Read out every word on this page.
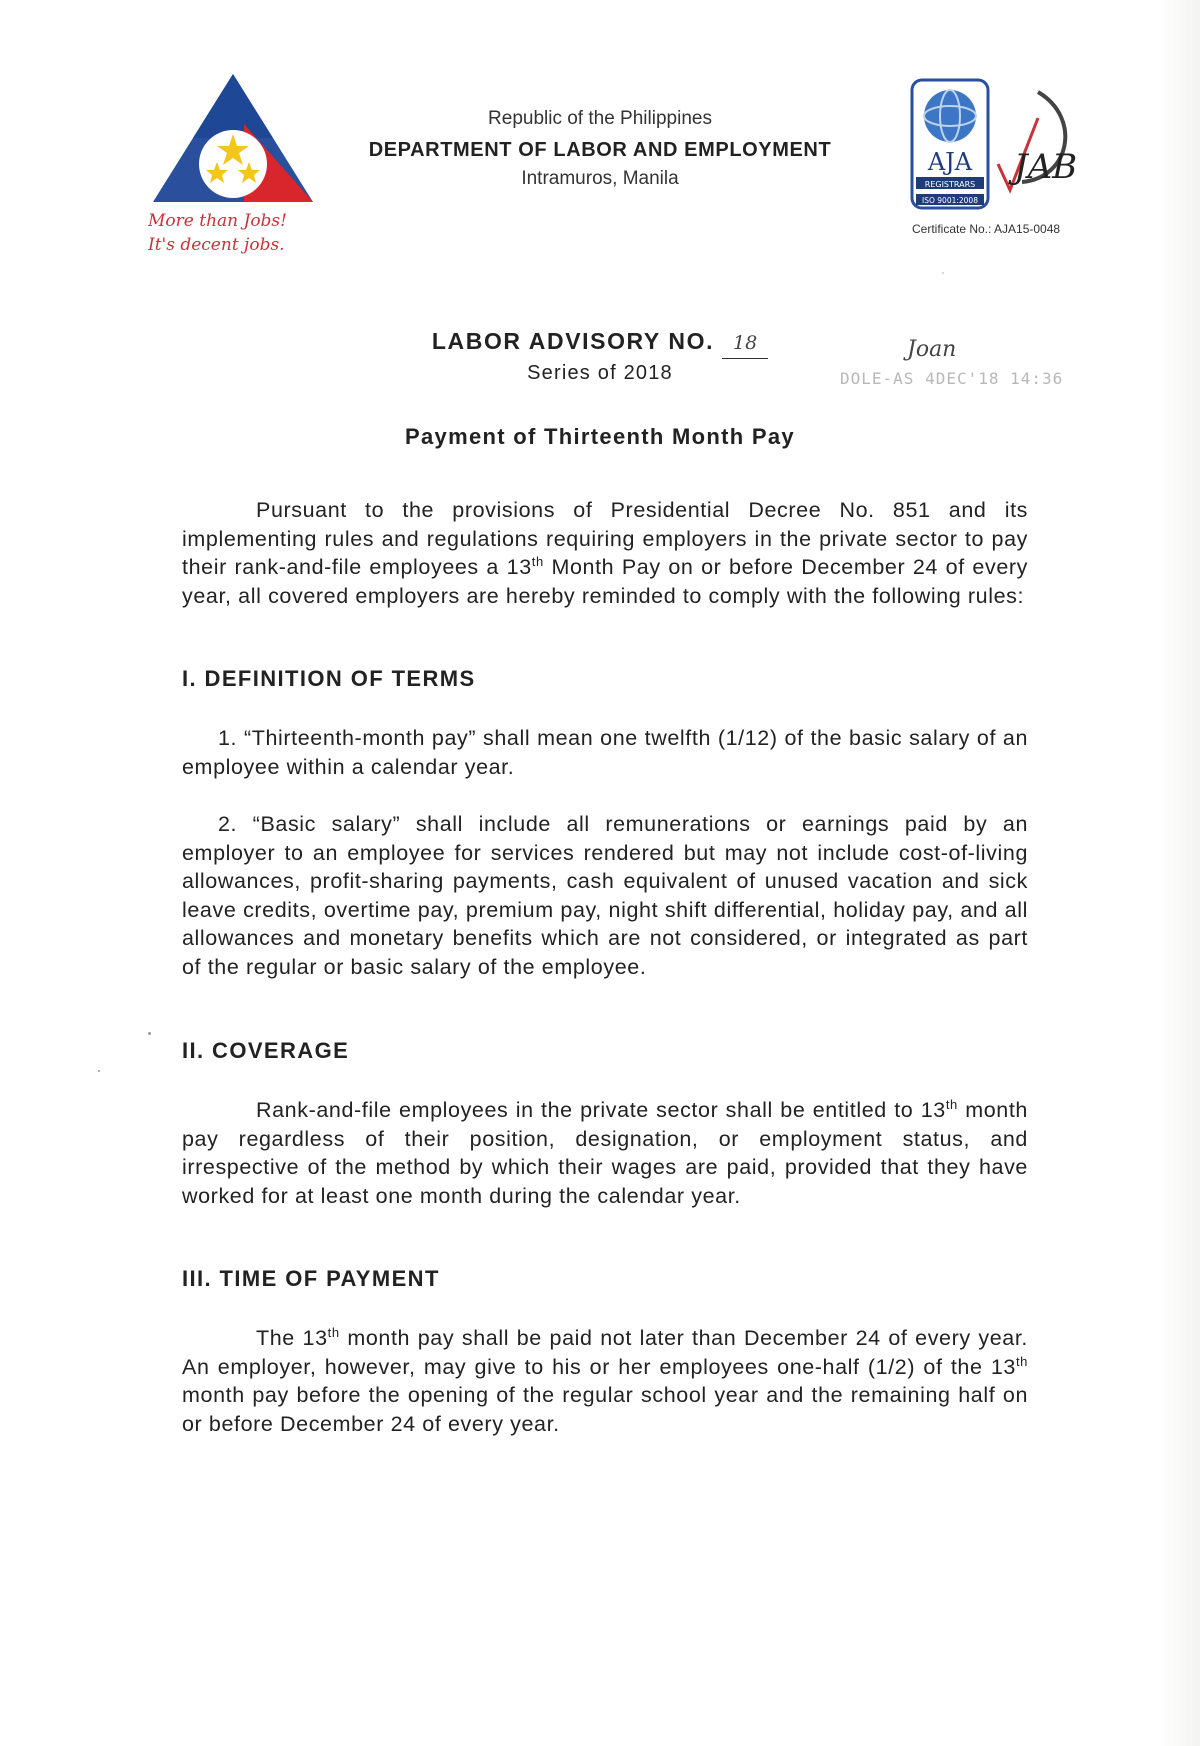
More than Jobs!
It's decent jobs.
Republic of the Philippines
DEPARTMENT OF LABOR AND EMPLOYMENT
Intramuros, Manila
AJA
REGISTRARS
ISO 9001:2008
JAB
Certificate No.: AJA15-0048
LABOR ADVISORY NO. 18
Series of 2018
Joan
DOLE-AS 4DEC'18 14:36
Payment of Thirteenth Month Pay
Pursuant to the provisions of Presidential Decree No. 851 and its implementing rules and regulations requiring employers in the private sector to pay their rank-and-file employees a 13th Month Pay on or before December 24 of every year, all covered employers are hereby reminded to comply with the following rules:
I. DEFINITION OF TERMS
1. “Thirteenth-month pay” shall mean one twelfth (1/12) of the basic salary of an employee within a calendar year.
2. “Basic salary” shall include all remunerations or earnings paid by an employer to an employee for services rendered but may not include cost-of-living allowances, profit-sharing payments, cash equivalent of unused vacation and sick leave credits, overtime pay, premium pay, night shift differential, holiday pay, and all allowances and monetary benefits which are not considered, or integrated as part of the regular or basic salary of the employee.
II. COVERAGE
Rank-and-file employees in the private sector shall be entitled to 13th month pay regardless of their position, designation, or employment status, and irrespective of the method by which their wages are paid, provided that they have worked for at least one month during the calendar year.
III. TIME OF PAYMENT
The 13th month pay shall be paid not later than December 24 of every year. An employer, however, may give to his or her employees one-half (1/2) of the 13th month pay before the opening of the regular school year and the remaining half on or before December 24 of every year.
